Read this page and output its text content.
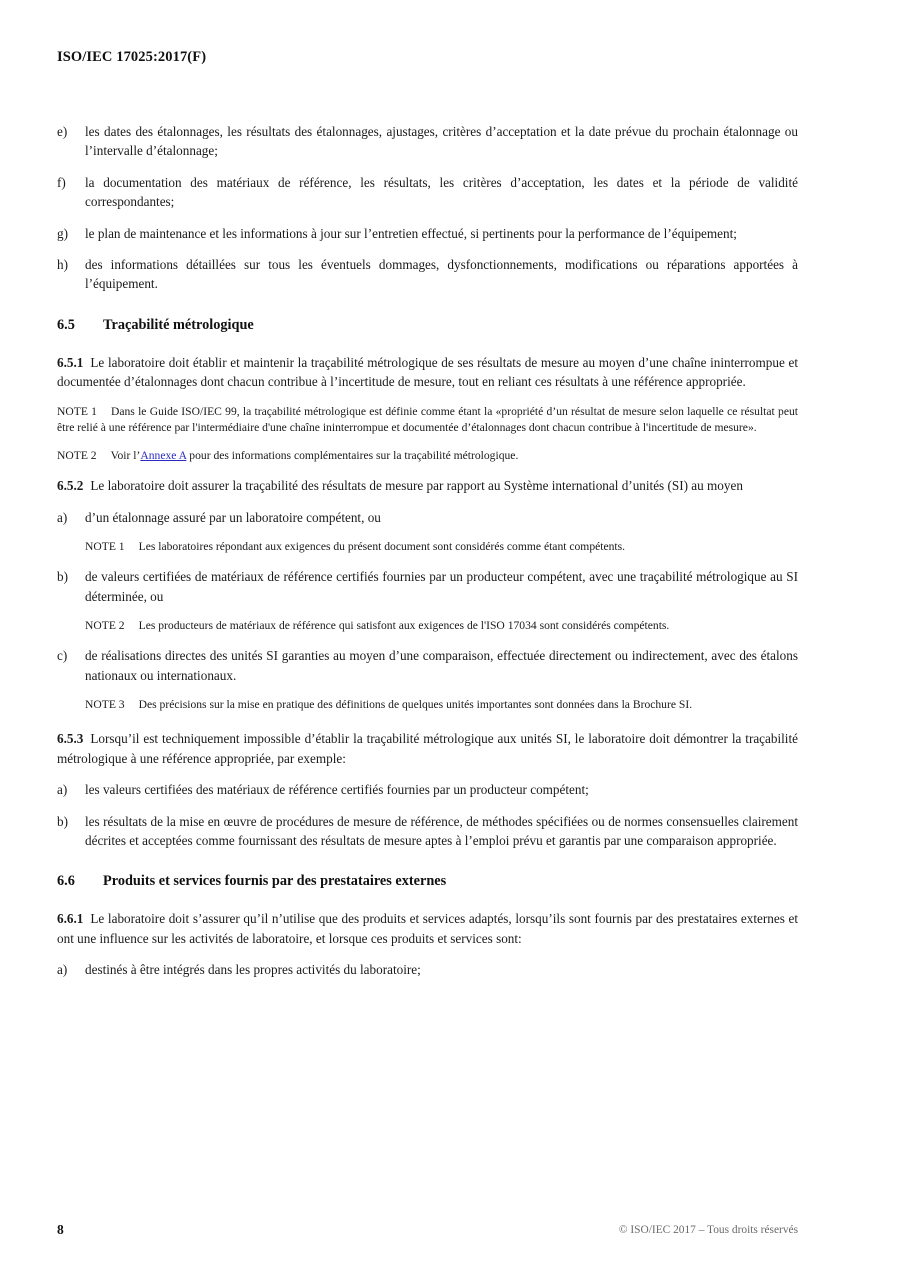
ISO/IEC 17025:2017(F)
e)	les dates des étalonnages, les résultats des étalonnages, ajustages, critères d’acceptation et la date prévue du prochain étalonnage ou l’intervalle d’étalonnage;
f)	la documentation des matériaux de référence, les résultats, les critères d’acceptation, les dates et la période de validité correspondantes;
g)	le plan de maintenance et les informations à jour sur l’entretien effectué, si pertinents pour la performance de l’équipement;
h)	des informations détaillées sur tous les éventuels dommages, dysfonctionnements, modifications ou réparations apportées à l’équipement.
6.5 Traçabilité métrologique
6.5.1 Le laboratoire doit établir et maintenir la traçabilité métrologique de ses résultats de mesure au moyen d’une chaîne ininterrompue et documentée d’étalonnages dont chacun contribue à l’incertitude de mesure, tout en reliant ces résultats à une référence appropriée.
NOTE 1 Dans le Guide ISO/IEC 99, la traçabilité métrologique est définie comme étant la «propriété d’un résultat de mesure selon laquelle ce résultat peut être relié à une référence par l'intermédiaire d'une chaîne ininterrompue et documentée d’étalonnages dont chacun contribue à l'incertitude de mesure».
NOTE 2 Voir l’Annexe A pour des informations complémentaires sur la traçabilité métrologique.
6.5.2 Le laboratoire doit assurer la traçabilité des résultats de mesure par rapport au Système international d’unités (SI) au moyen
a)	d’un étalonnage assuré par un laboratoire compétent, ou
NOTE 1 Les laboratoires répondant aux exigences du présent document sont considérés comme étant compétents.
b)	de valeurs certifiées de matériaux de référence certifiés fournies par un producteur compétent, avec une traçabilité métrologique au SI déterminée, ou
NOTE 2 Les producteurs de matériaux de référence qui satisfont aux exigences de l'ISO 17034 sont considérés compétents.
c)	de réalisations directes des unités SI garanties au moyen d’une comparaison, effectuée directement ou indirectement, avec des étalons nationaux ou internationaux.
NOTE 3 Des précisions sur la mise en pratique des définitions de quelques unités importantes sont données dans la Brochure SI.
6.5.3 Lorsqu’il est techniquement impossible d’établir la traçabilité métrologique aux unités SI, le laboratoire doit démontrer la traçabilité métrologique à une référence appropriée, par exemple:
a)	les valeurs certifiées des matériaux de référence certifiés fournies par un producteur compétent;
b)	les résultats de la mise en œuvre de procédures de mesure de référence, de méthodes spécifiées ou de normes consensuelles clairement décrites et acceptées comme fournissant des résultats de mesure aptes à l’emploi prévu et garantis par une comparaison appropriée.
6.6 Produits et services fournis par des prestataires externes
6.6.1 Le laboratoire doit s’assurer qu’il n’utilise que des produits et services adaptés, lorsqu’ils sont fournis par des prestataires externes et ont une influence sur les activités de laboratoire, et lorsque ces produits et services sont:
a)	destinés à être intégrés dans les propres activités du laboratoire;
8	© ISO/IEC 2017 – Tous droits réservés
